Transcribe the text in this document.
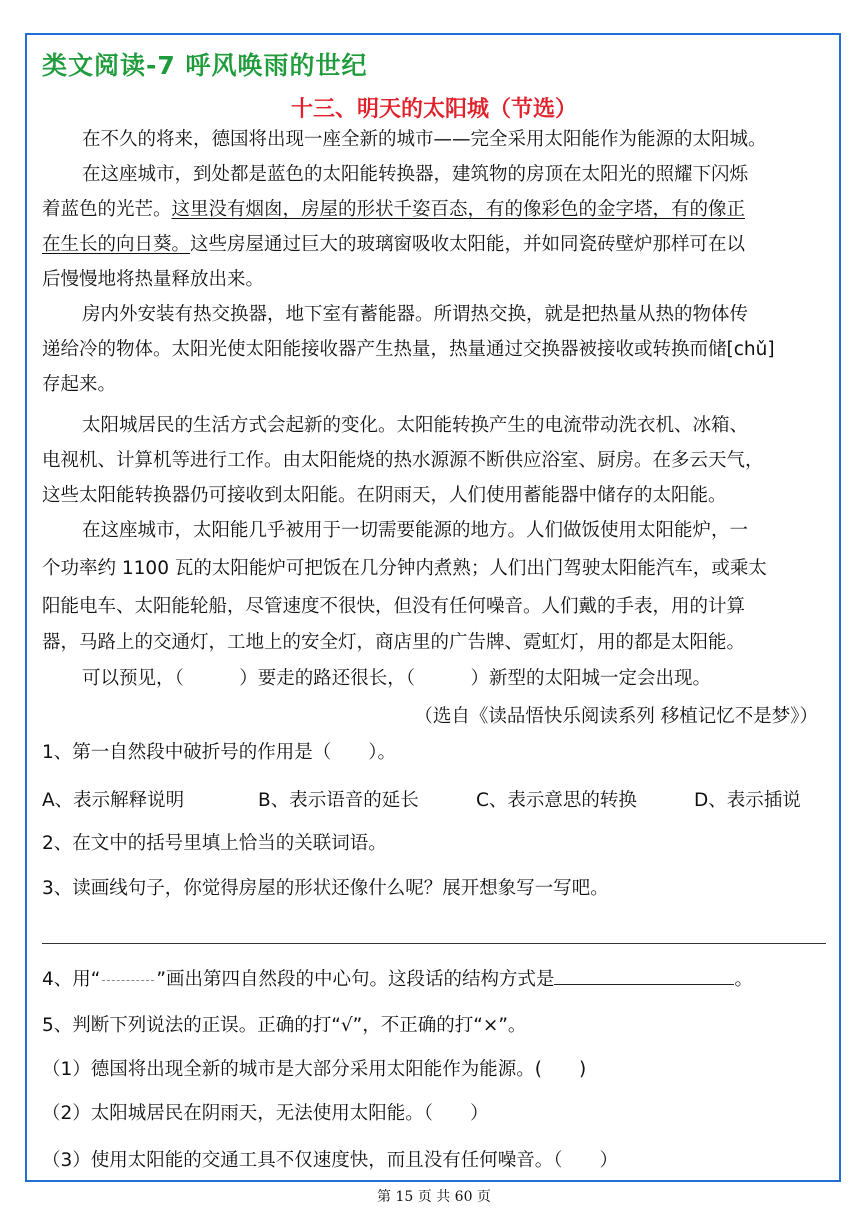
类文阅读-7 呼风唤雨的世纪
十三、明天的太阳城（节选）
在不久的将来，德国将出现一座全新的城市——完全采用太阳能作为能源的太阳城。
在这座城市，到处都是蓝色的太阳能转换器，建筑物的房顶在太阳光的照耀下闪烁
着蓝色的光芒。这里没有烟囱，房屋的形状千姿百态，有的像彩色的金字塔，有的像正
在生长的向日葵。这些房屋通过巨大的玻璃窗吸收太阳能，并如同瓷砖壁炉那样可在以
后慢慢地将热量释放出来。
房内外安装有热交换器，地下室有蓄能器。所谓热交换，就是把热量从热的物体传
递给冷的物体。太阳光使太阳能接收器产生热量，热量通过交换器被接收或转换而储[chǔ]
存起来。
太阳城居民的生活方式会起新的变化。太阳能转换产生的电流带动洗衣机、冰箱、
电视机、计算机等进行工作。由太阳能烧的热水源源不断供应浴室、厨房。在多云天气，
这些太阳能转换器仍可接收到太阳能。在阴雨天，人们使用蓄能器中储存的太阳能。
在这座城市，太阳能几乎被用于一切需要能源的地方。人们做饭使用太阳能炉，一
个功率约 1100 瓦的太阳能炉可把饭在几分钟内煮熟；人们出门驾驶太阳能汽车，或乘太
阳能电车、太阳能轮船，尽管速度不很快，但没有任何噪音。人们戴的手表，用的计算
器，马路上的交通灯，工地上的安全灯，商店里的广告牌、霓虹灯，用的都是太阳能。
可以预见，（　　　）要走的路还很长，（　　　）新型的太阳城一定会出现。
（选自《读品悟快乐阅读系列 移植记忆不是梦》）
1、第一自然段中破折号的作用是（　　）。
A、表示解释说明	B、表示语音的延长	C、表示意思的转换	D、表示插说
2、在文中的括号里填上恰当的关联词语。
3、读画线句子，你觉得房屋的形状还像什么呢？展开想象写一写吧。
4、用“	”画出第四自然段的中心句。这段话的结构方式是	。
5、判断下列说法的正误。正确的打“√”，不正确的打“×”。
（1）德国将出现全新的城市是大部分采用太阳能作为能源。(　　)
（2）太阳城居民在阴雨天，无法使用太阳能。（　　）
（3）使用太阳能的交通工具不仅速度快，而且没有任何噪音。（　　）
第 15 页 共 60 页
